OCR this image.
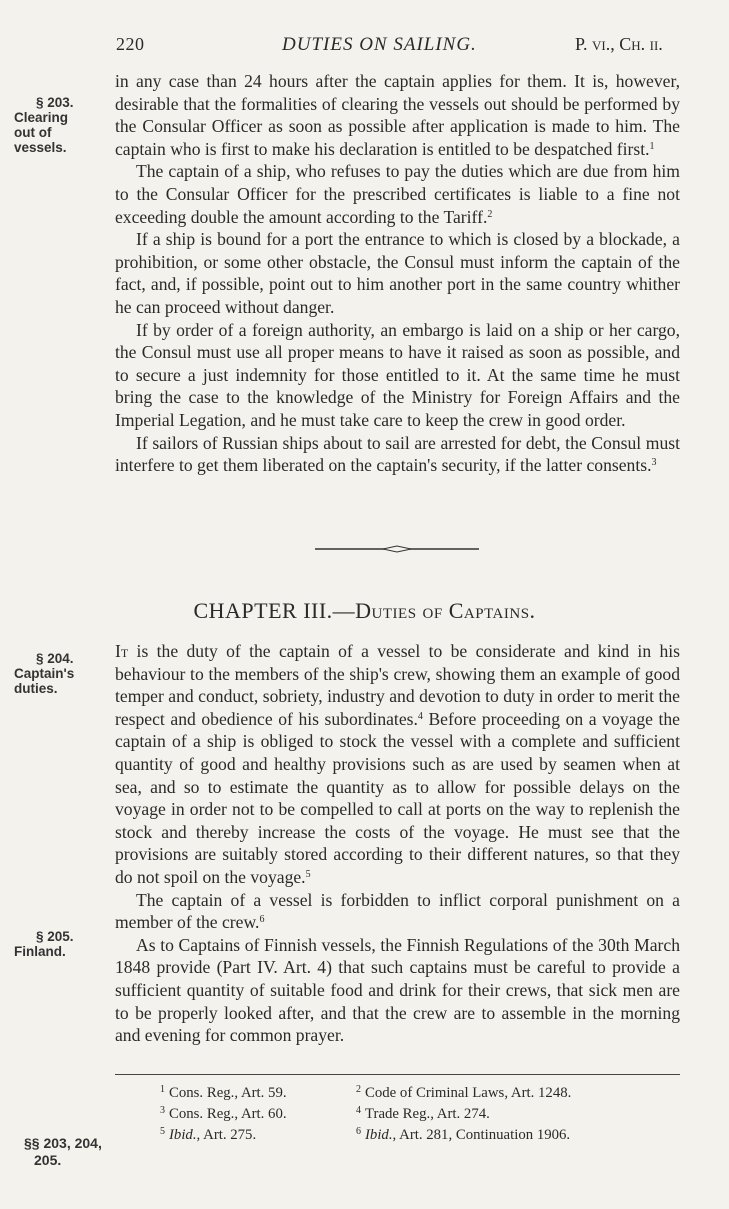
220	DUTIES ON SAILING.	P. vi., Ch. ii.
§ 203.
Clearing
out of
vessels.

in any case than 24 hours after the captain applies for them. It is, however, desirable that the formalities of clearing the vessels out should be performed by the Consular Officer as soon as possible after application is made to him. The captain who is first to make his declaration is entitled to be despatched first.$^1$

The captain of a ship, who refuses to pay the duties which are due from him to the Consular Officer for the prescribed certificates is liable to a fine not exceeding double the amount according to the Tariff.$^2$

If a ship is bound for a port the entrance to which is closed by a blockade, a prohibition, or some other obstacle, the Consul must inform the captain of the fact, and, if possible, point out to him another port in the same country whither he can proceed without danger.

If by order of a foreign authority, an embargo is laid on a ship or her cargo, the Consul must use all proper means to have it raised as soon as possible, and to secure a just indemnity for those entitled to it. At the same time he must bring the case to the knowledge of the Ministry for Foreign Affairs and the Imperial Legation, and he must take care to keep the crew in good order.

If sailors of Russian ships about to sail are arrested for debt, the Consul must interfere to get them liberated on the captain's security, if the latter consents.$^3$

CHAPTER III.—Duties of Captains.
§ 204.
Captain's
duties.
§ 205.
Finland.

It is the duty of the captain of a vessel to be considerate and kind in his behaviour to the members of the ship's crew, showing them an example of good temper and conduct, sobriety, industry and devotion to duty in order to merit the respect and obedience of his subordinates.$^4$ Before proceeding on a voyage the captain of a ship is obliged to stock the vessel with a complete and sufficient quantity of good and healthy provisions such as are used by seamen when at sea, and so to estimate the quantity as to allow for possible delays on the voyage in order not to be compelled to call at ports on the way to replenish the stock and thereby increase the costs of the voyage. He must see that the provisions are suitably stored according to their different natures, so that they do not spoil on the voyage.$^5$

The captain of a vessel is forbidden to inflict corporal punishment on a member of the crew.$^6$

As to Captains of Finnish vessels, the Finnish Regulations of the 30th March 1848 provide (Part IV. Art. 4) that such captains must be careful to provide a sufficient quantity of suitable food and drink for their crews, that sick men are to be properly looked after, and that the crew are to assemble in the morning and evening for common prayer.

$^1$ Cons. Reg., Art. 59.	$^2$ Code of Criminal Laws, Art. 1248.
$^3$ Cons. Reg., Art. 60.	$^4$ Trade Reg., Art. 274.
$^5$ Ibid., Art. 275.	$^6$ Ibid., Art. 281, Continuation 1906.
§§ 203, 204,
205.
